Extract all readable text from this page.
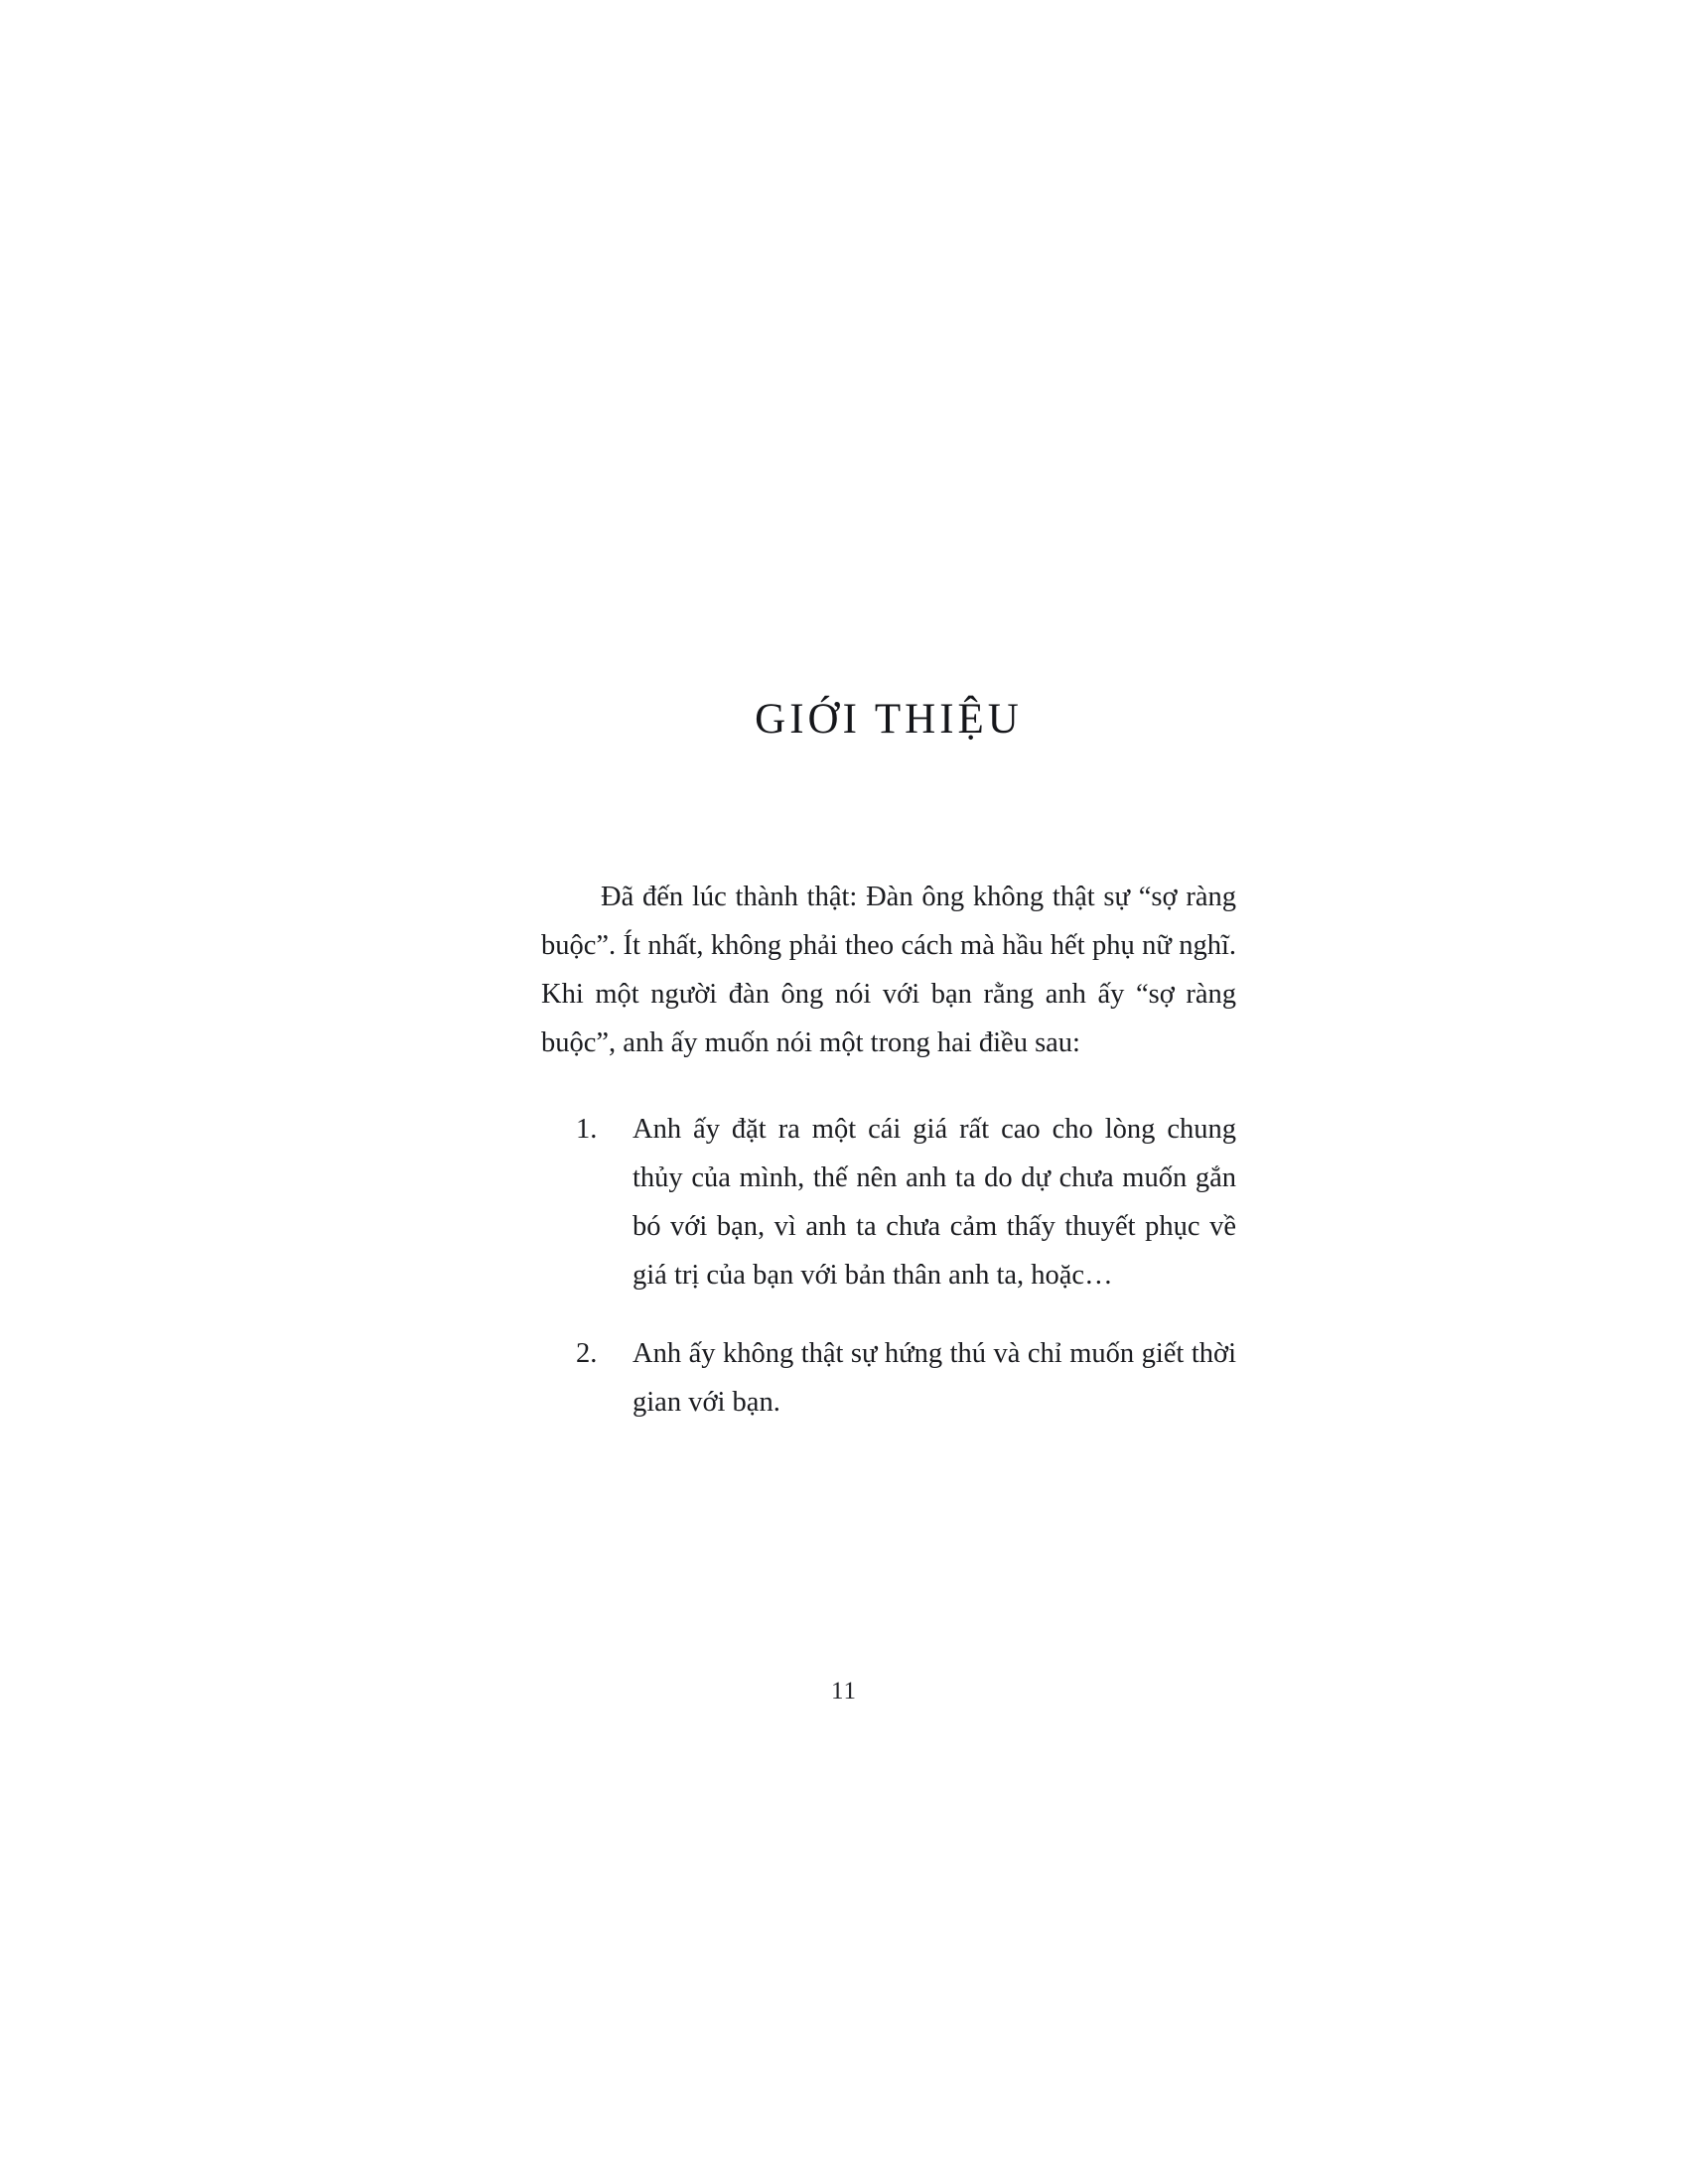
GIỚI THIỆU

Đã đến lúc thành thật: Đàn ông không thật sự “sợ ràng buộc”. Ít nhất, không phải theo cách mà hầu hết phụ nữ nghĩ. Khi một người đàn ông nói với bạn rằng anh ấy “sợ ràng buộc”, anh ấy muốn nói một trong hai điều sau:

1.	Anh ấy đặt ra một cái giá rất cao cho lòng chung thủy của mình, thế nên anh ta do dự chưa muốn gắn bó với bạn, vì anh ta chưa cảm thấy thuyết phục về giá trị của bạn với bản thân anh ta, hoặc…
2.	Anh ấy không thật sự hứng thú và chỉ muốn giết thời gian với bạn.
11
